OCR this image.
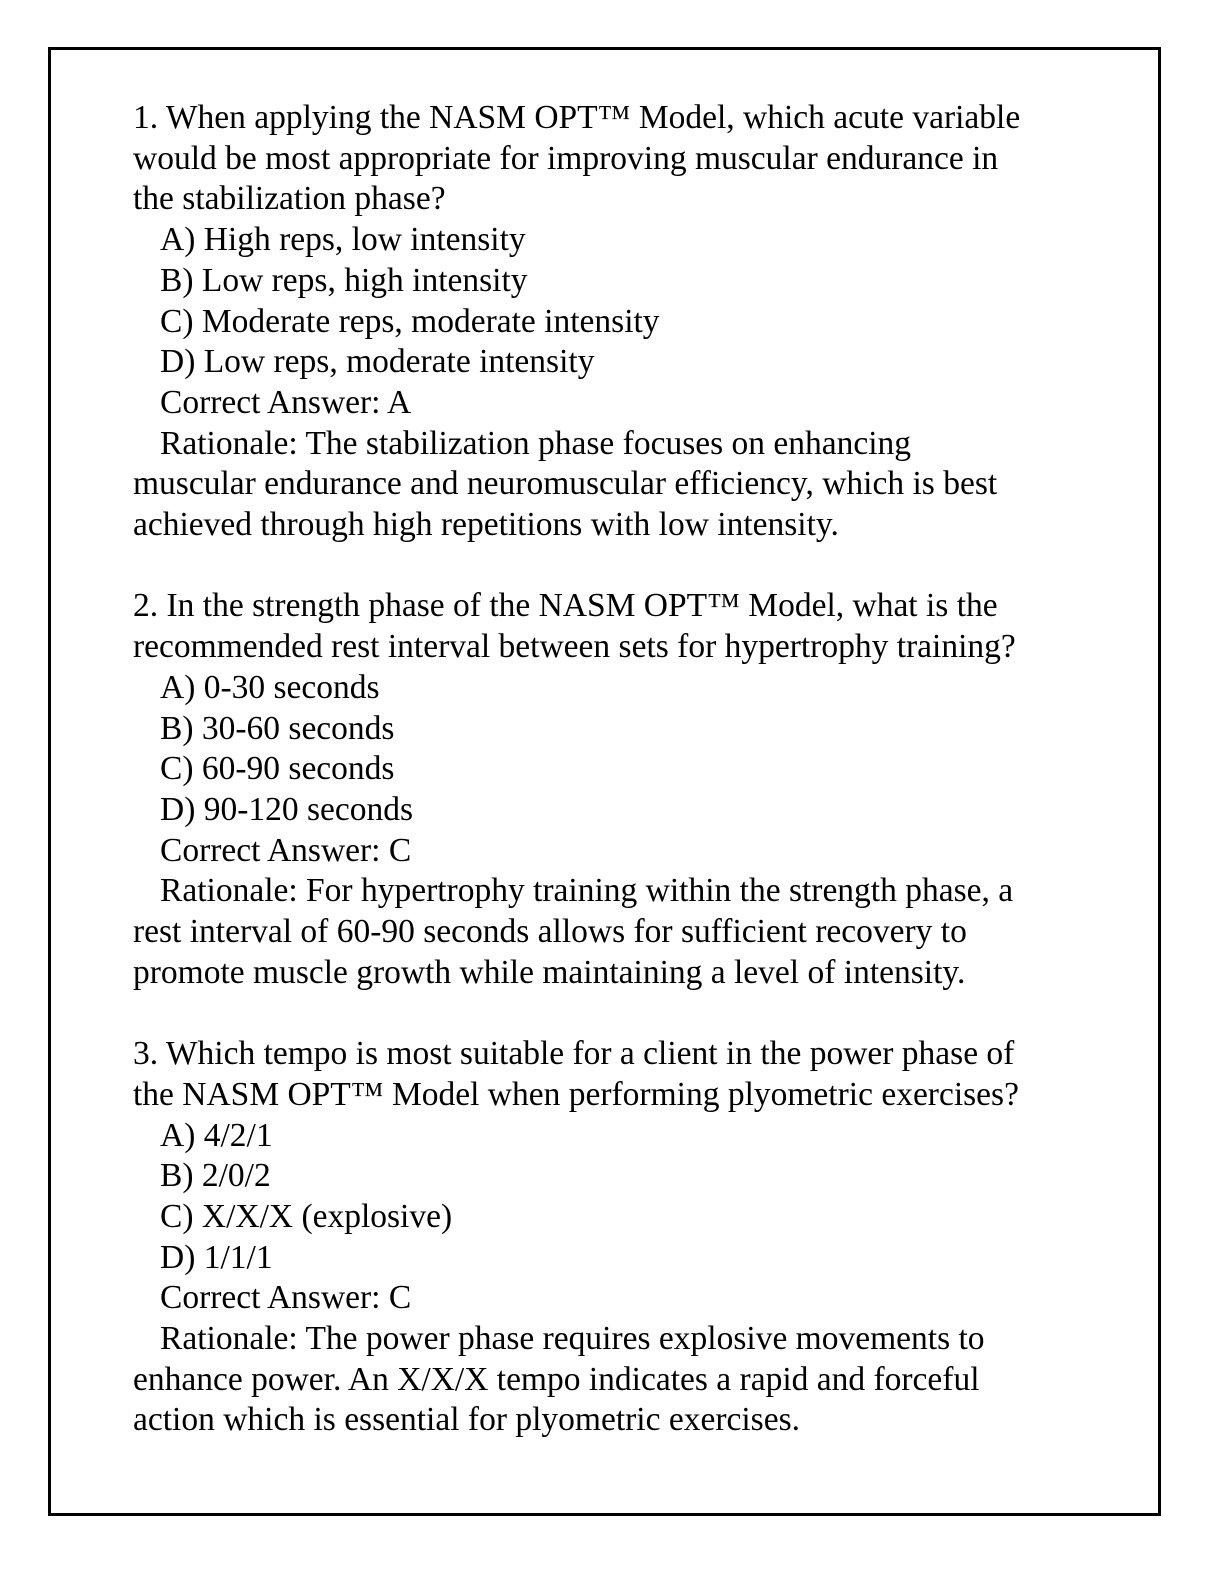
1. When applying the NASM OPT™ Model, which acute variable
would be most appropriate for improving muscular endurance in
the stabilization phase?
A) High reps, low intensity
B) Low reps, high intensity
C) Moderate reps, moderate intensity
D) Low reps, moderate intensity
Correct Answer: A
Rationale: The stabilization phase focuses on enhancing
muscular endurance and neuromuscular efficiency, which is best
achieved through high repetitions with low intensity.
2. In the strength phase of the NASM OPT™ Model, what is the
recommended rest interval between sets for hypertrophy training?
A) 0-30 seconds
B) 30-60 seconds
C) 60-90 seconds
D) 90-120 seconds
Correct Answer: C
Rationale: For hypertrophy training within the strength phase, a
rest interval of 60-90 seconds allows for sufficient recovery to
promote muscle growth while maintaining a level of intensity.
3. Which tempo is most suitable for a client in the power phase of
the NASM OPT™ Model when performing plyometric exercises?
A) 4/2/1
B) 2/0/2
C) X/X/X (explosive)
D) 1/1/1
Correct Answer: C
Rationale: The power phase requires explosive movements to
enhance power. An X/X/X tempo indicates a rapid and forceful
action which is essential for plyometric exercises.
